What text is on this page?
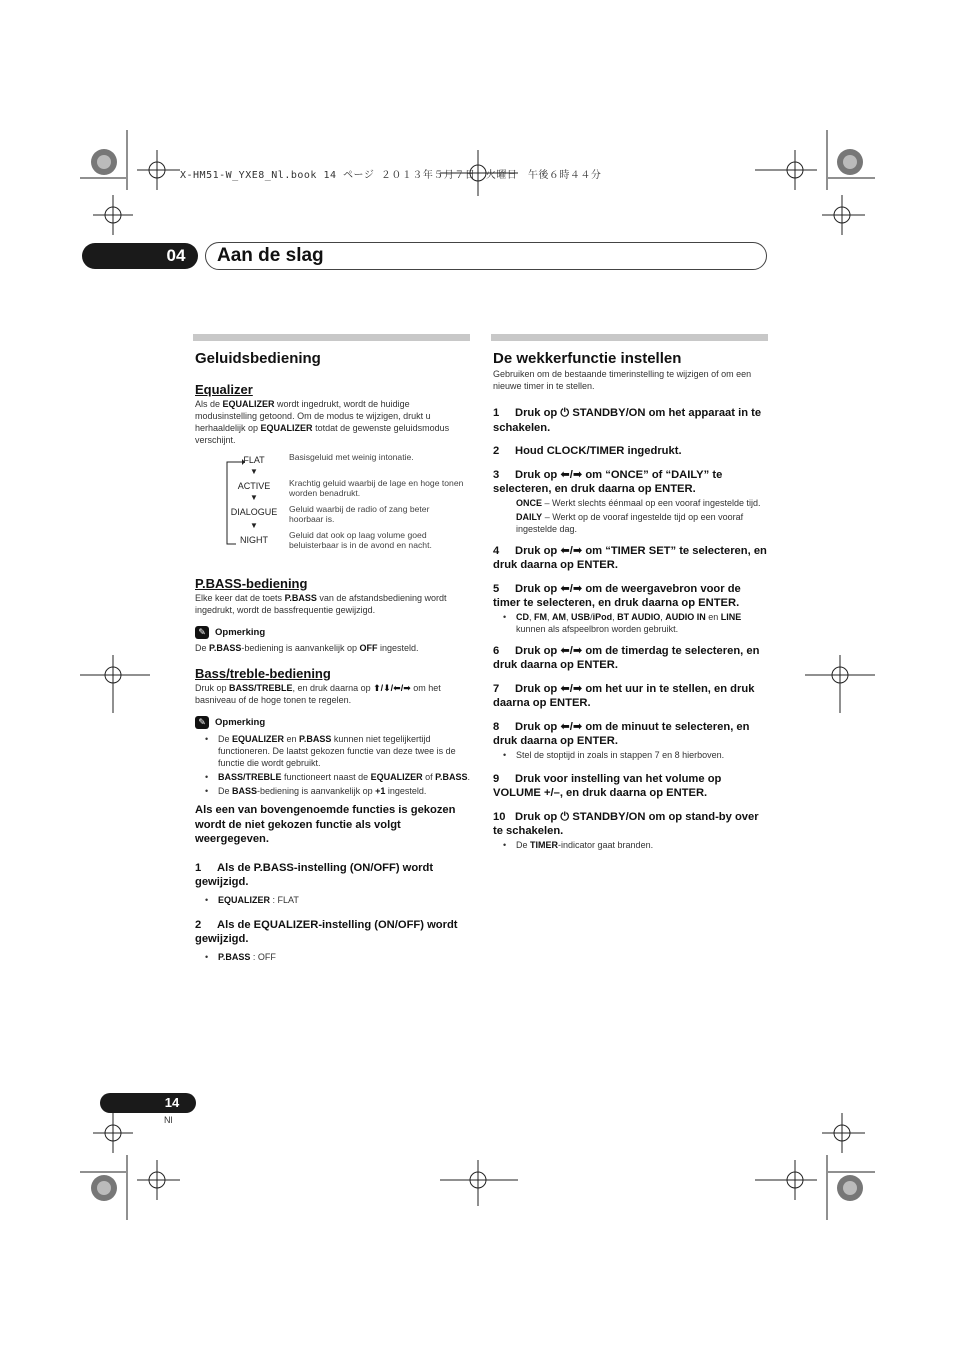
X-HM51-W_YXE8_Nl.book 14 ページ ２０１３年５月７日　火曜日　午後６時４４分
04	Aan de slag
Geluidsbediening
Equalizer

Als de EQUALIZER wordt ingedrukt, wordt de huidige modusinstelling getoond. Om de modus te wijzigen, drukt u herhaaldelijk op EQUALIZER totdat de gewenste geluidsmodus verschijnt.

FLAT
▼
ACTIVE
▼
DIALOGUE
▼
NIGHT
Basisgeluid met weinig intonatie.
Krachtig geluid waarbij de lage en hoge tonen worden benadrukt.
Geluid waarbij de radio of zang beter hoorbaar is.
Geluid dat ook op laag volume goed beluisterbaar is in de avond en nacht.
P.BASS-bediening

Elke keer dat de toets P.BASS van de afstandsbediening wordt ingedrukt, wordt de bassfrequentie gewijzigd.

✎ Opmerking

De P.BASS-bediening is aanvankelijk op OFF ingesteld.

Bass/treble-bediening

Druk op BASS/TREBLE, en druk daarna op ⬆/⬇/⬅/➡ om het basniveau of de hoge tonen te regelen.

✎ Opmerking
• De EQUALIZER en P.BASS kunnen niet tegelijkertijd functioneren. De laatst gekozen functie van deze twee is de functie die wordt gebruikt.
• BASS/TREBLE functioneert naast de EQUALIZER of P.BASS.
• De BASS-bediening is aanvankelijk op +1 ingesteld.

Als een van bovengenoemde functies is gekozen wordt de niet gekozen functie als volgt weergegeven.

1 Als de P.BASS-instelling (ON/OFF) wordt gewijzigd.

• EQUALIZER : FLAT

2 Als de EQUALIZER-instelling (ON/OFF) wordt gewijzigd.

• P.BASS : OFF
De wekkerfunctie instellen

Gebruiken om de bestaande timerinstelling te wijzigen of om een nieuwe timer in te stellen.

1 Druk op ⏻ STANDBY/ON om het apparaat in te schakelen.

2 Houd CLOCK/TIMER ingedrukt.

3 Druk op ⬅/➡ om “ONCE” of “DAILY” te selecteren, en druk daarna op ENTER.

ONCE – Werkt slechts éénmaal op een vooraf ingestelde tijd.
DAILY – Werkt op de vooraf ingestelde tijd op een vooraf ingestelde dag.

4 Druk op ⬅/➡ om “TIMER SET” te selecteren, en druk daarna op ENTER.

5 Druk op ⬅/➡ om de weergavebron voor de timer te selecteren, en druk daarna op ENTER.

• CD, FM, AM, USB/iPod, BT AUDIO, AUDIO IN en LINE
kunnen als afspeelbron worden gebruikt.

6 Druk op ⬅/➡ om de timerdag te selecteren, en druk daarna op ENTER.

7 Druk op ⬅/➡ om het uur in te stellen, en druk daarna op ENTER.

8 Druk op ⬅/➡ om de minuut te selecteren, en druk daarna op ENTER.

• Stel de stoptijd in zoals in stappen 7 en 8 hierboven.

9 Druk voor instelling van het volume op VOLUME +/–, en druk daarna op ENTER.

10 Druk op ⏻ STANDBY/ON om op stand-by over te schakelen.

• De TIMER-indicator gaat branden.
14
Nl
